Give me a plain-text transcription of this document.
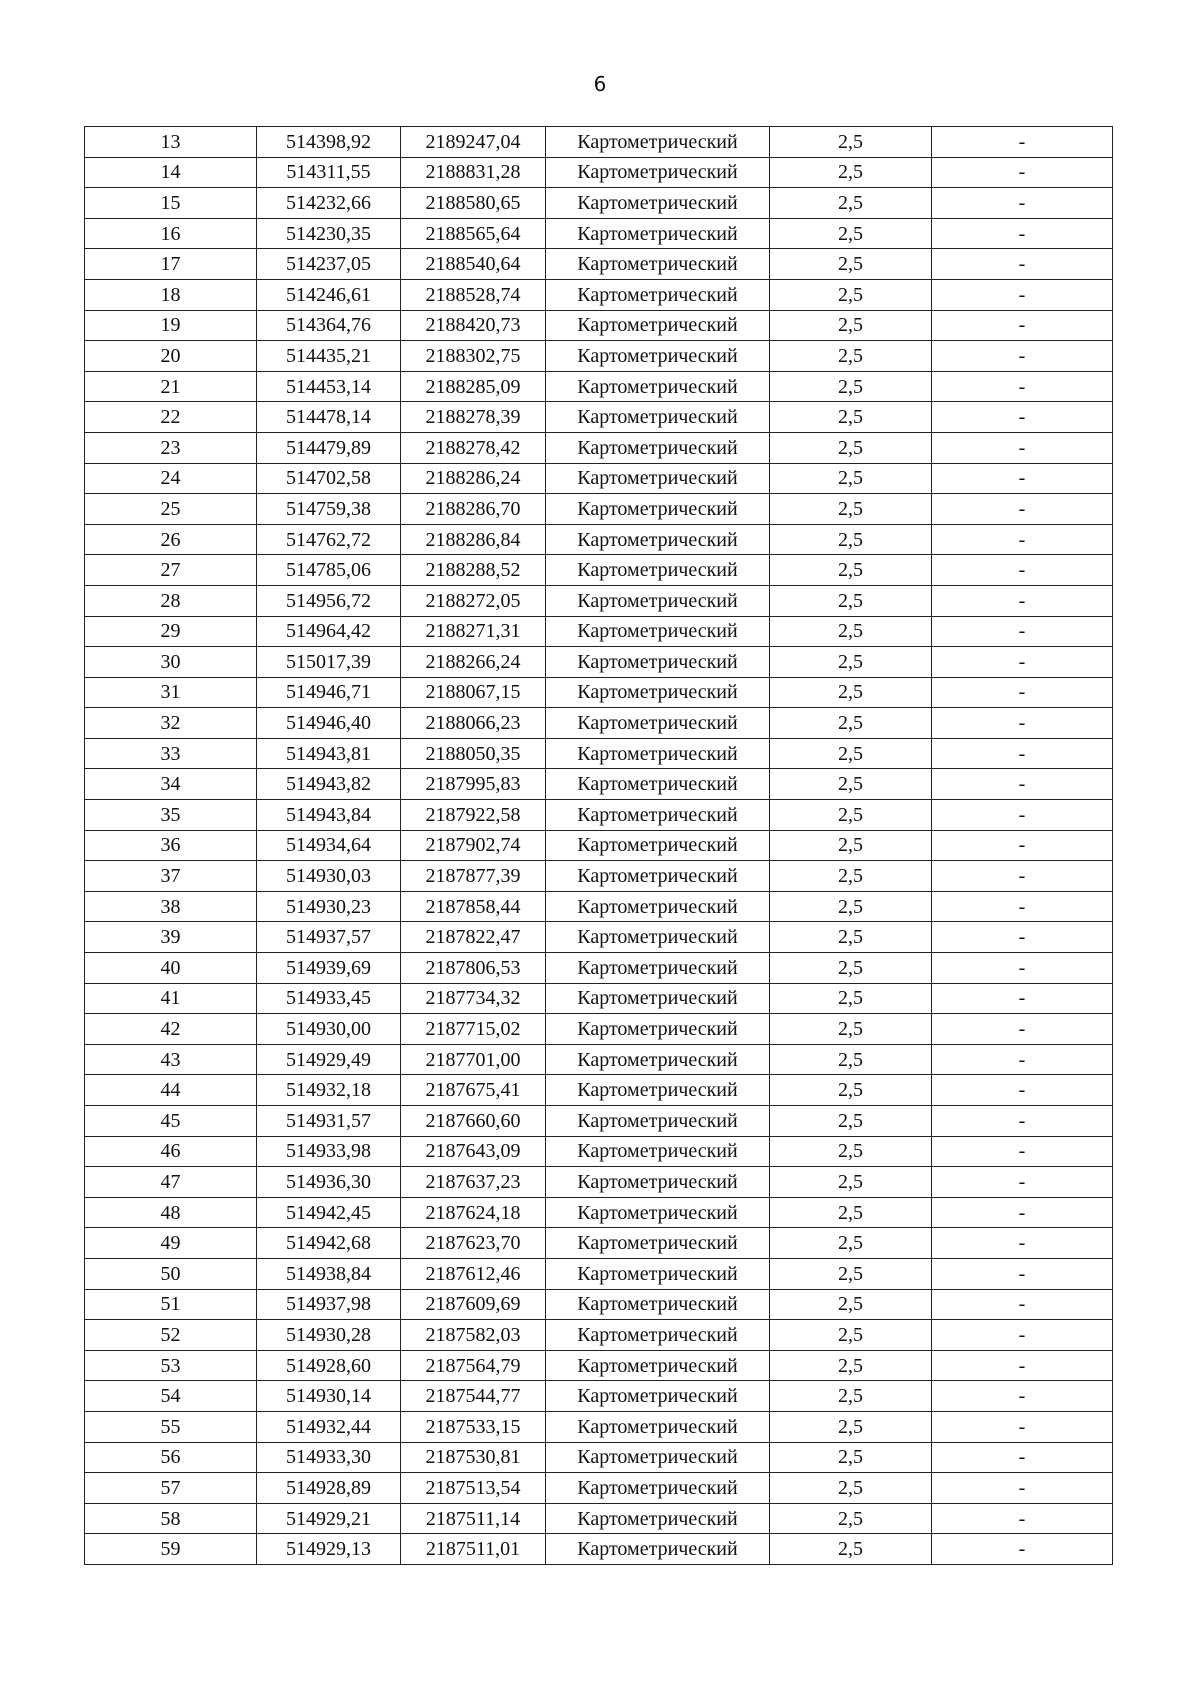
6
13	514398,92	2189247,04	Картометрический	2,5	-
14	514311,55	2188831,28	Картометрический	2,5	-
15	514232,66	2188580,65	Картометрический	2,5	-
16	514230,35	2188565,64	Картометрический	2,5	-
17	514237,05	2188540,64	Картометрический	2,5	-
18	514246,61	2188528,74	Картометрический	2,5	-
19	514364,76	2188420,73	Картометрический	2,5	-
20	514435,21	2188302,75	Картометрический	2,5	-
21	514453,14	2188285,09	Картометрический	2,5	-
22	514478,14	2188278,39	Картометрический	2,5	-
23	514479,89	2188278,42	Картометрический	2,5	-
24	514702,58	2188286,24	Картометрический	2,5	-
25	514759,38	2188286,70	Картометрический	2,5	-
26	514762,72	2188286,84	Картометрический	2,5	-
27	514785,06	2188288,52	Картометрический	2,5	-
28	514956,72	2188272,05	Картометрический	2,5	-
29	514964,42	2188271,31	Картометрический	2,5	-
30	515017,39	2188266,24	Картометрический	2,5	-
31	514946,71	2188067,15	Картометрический	2,5	-
32	514946,40	2188066,23	Картометрический	2,5	-
33	514943,81	2188050,35	Картометрический	2,5	-
34	514943,82	2187995,83	Картометрический	2,5	-
35	514943,84	2187922,58	Картометрический	2,5	-
36	514934,64	2187902,74	Картометрический	2,5	-
37	514930,03	2187877,39	Картометрический	2,5	-
38	514930,23	2187858,44	Картометрический	2,5	-
39	514937,57	2187822,47	Картометрический	2,5	-
40	514939,69	2187806,53	Картометрический	2,5	-
41	514933,45	2187734,32	Картометрический	2,5	-
42	514930,00	2187715,02	Картометрический	2,5	-
43	514929,49	2187701,00	Картометрический	2,5	-
44	514932,18	2187675,41	Картометрический	2,5	-
45	514931,57	2187660,60	Картометрический	2,5	-
46	514933,98	2187643,09	Картометрический	2,5	-
47	514936,30	2187637,23	Картометрический	2,5	-
48	514942,45	2187624,18	Картометрический	2,5	-
49	514942,68	2187623,70	Картометрический	2,5	-
50	514938,84	2187612,46	Картометрический	2,5	-
51	514937,98	2187609,69	Картометрический	2,5	-
52	514930,28	2187582,03	Картометрический	2,5	-
53	514928,60	2187564,79	Картометрический	2,5	-
54	514930,14	2187544,77	Картометрический	2,5	-
55	514932,44	2187533,15	Картометрический	2,5	-
56	514933,30	2187530,81	Картометрический	2,5	-
57	514928,89	2187513,54	Картометрический	2,5	-
58	514929,21	2187511,14	Картометрический	2,5	-
59	514929,13	2187511,01	Картометрический	2,5	-
